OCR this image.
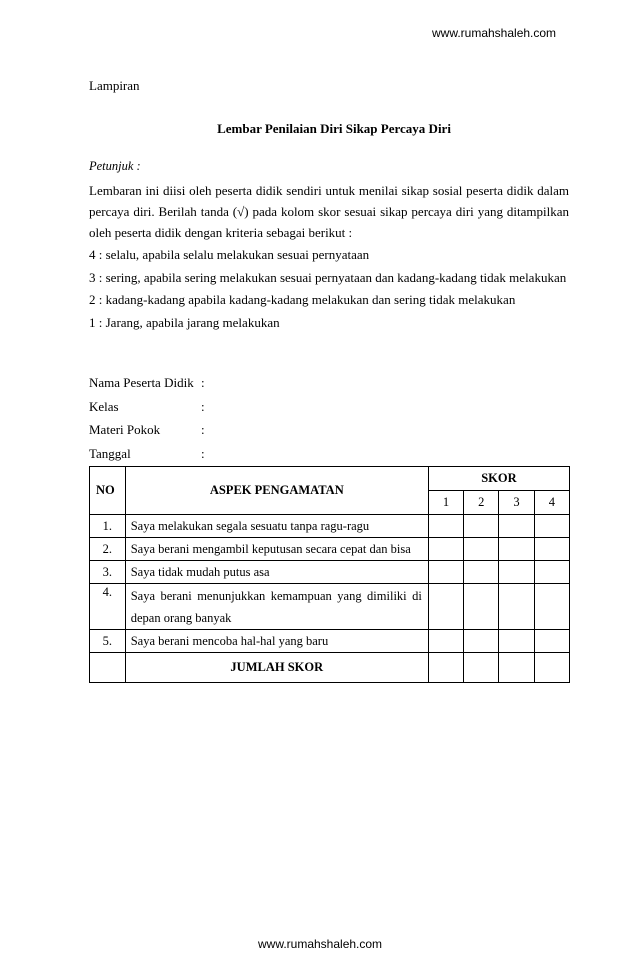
www.rumahshaleh.com
Lampiran
Lembar Penilaian Diri Sikap Percaya Diri
Petunjuk :

Lembaran ini diisi oleh peserta didik sendiri untuk menilai sikap sosial peserta didik dalam percaya diri. Berilah tanda (√) pada kolom skor sesuai sikap percaya diri yang ditampilkan oleh peserta didik dengan kriteria sebagai berikut :

4 : selalu, apabila selalu melakukan sesuai pernyataan
3 : sering, apabila sering melakukan sesuai pernyataan dan kadang-kadang tidak melakukan
2 : kadang-kadang apabila kadang-kadang melakukan dan sering tidak melakukan
1 : Jarang, apabila jarang melakukan
Nama Peserta Didik :
Kelas	:
Materi Pokok	:
Tanggal	:
NO	ASPEK PENGAMATAN	SKOR			
		1	2	3	4
1.	Saya melakukan segala sesuatu tanpa ragu-ragu				
2.	Saya berani mengambil keputusan secara cepat dan bisa				
3.	Saya tidak mudah putus asa				
4.	Saya berani menunjukkan kemampuan yang dimiliki di depan orang banyak				
5.	Saya berani mencoba hal-hal yang baru				
	JUMLAH SKOR				
www.rumahshaleh.com
